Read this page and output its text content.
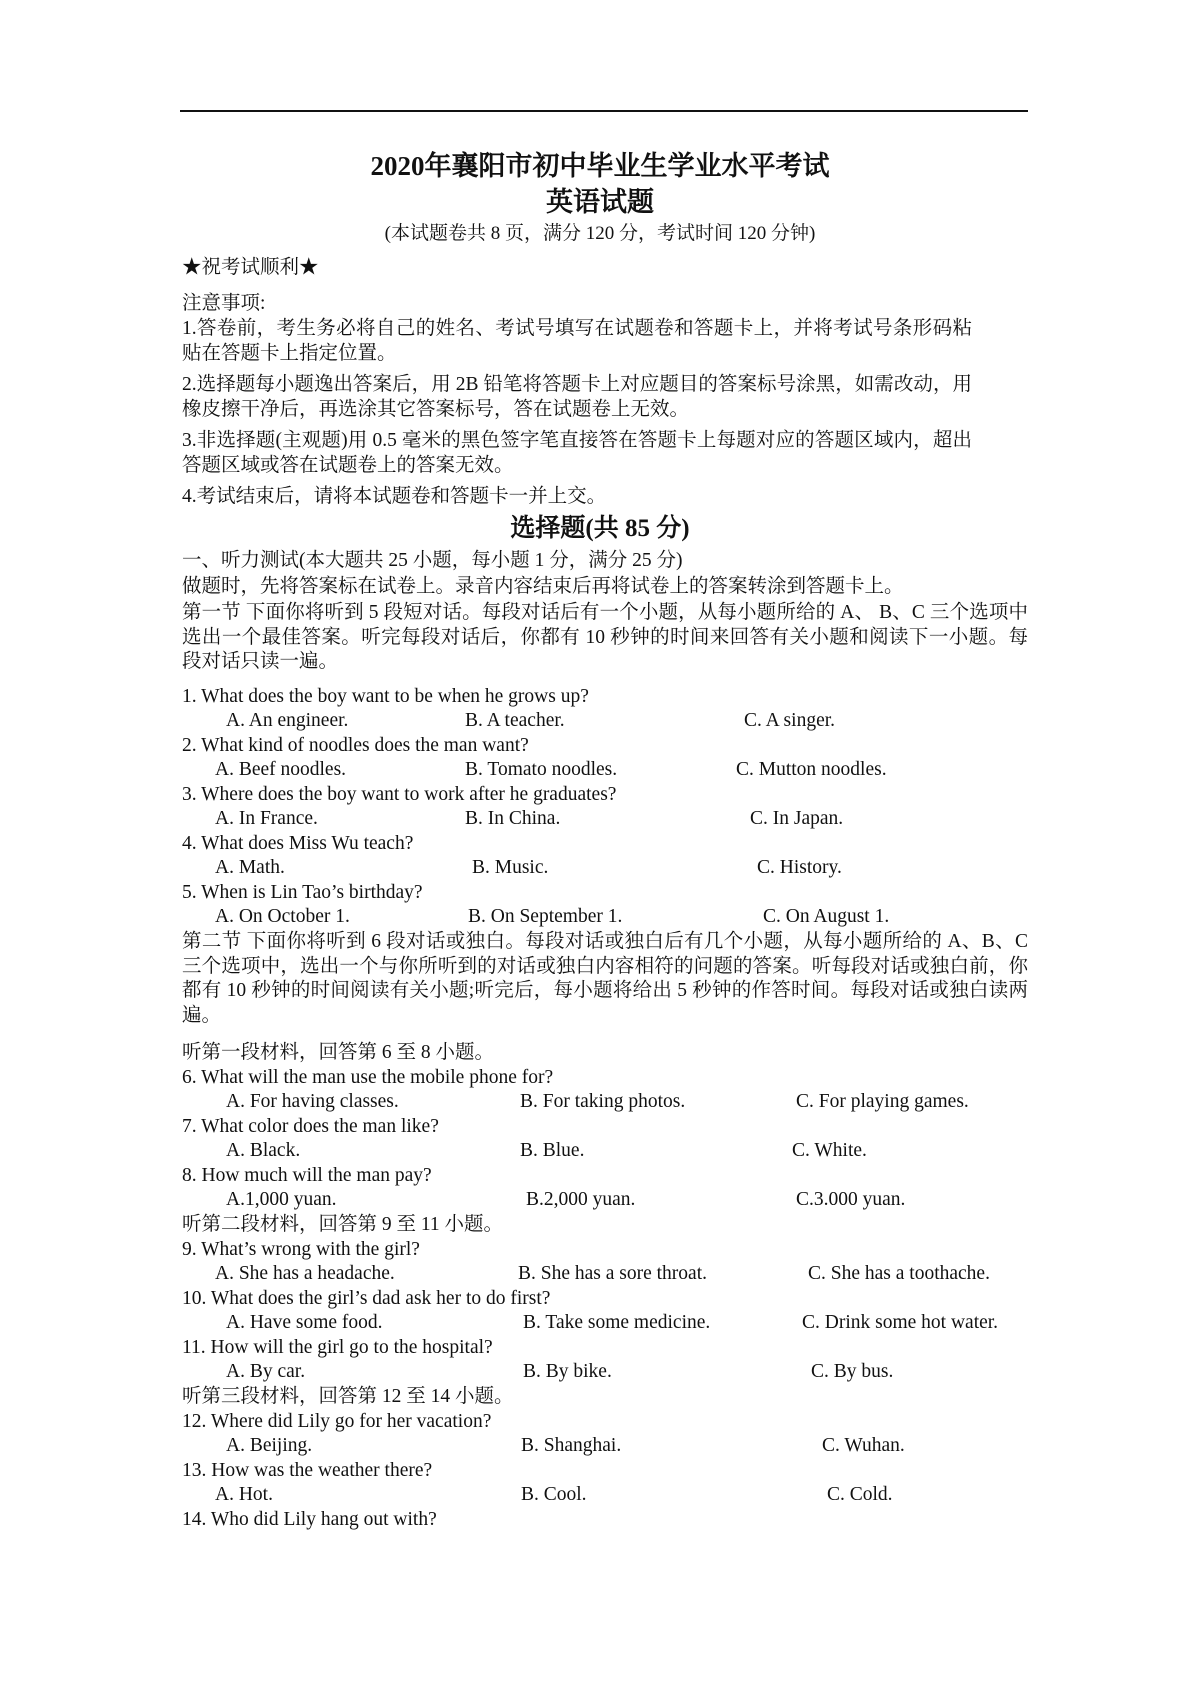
2020年襄阳市初中毕业生学业水平考试
英语试题
(本试题卷共 8 页，满分 120 分，考试时间 120 分钟)
★祝考试顺利★
注意事项:
1.答卷前，考生务必将自己的姓名、考试号填写在试题卷和答题卡上，并将考试号条形码粘贴在答题卡上指定位置。
2.选择题每小题逸出答案后，用 2B 铅笔将答题卡上对应题目的答案标号涂黑，如需改动，用橡皮擦干净后，再选涂其它答案标号，答在试题卷上无效。
3.非选择题(主观题)用 0.5 毫米的黑色签字笔直接答在答题卡上每题对应的答题区域内，超出答题区域或答在试题卷上的答案无效。
4.考试结束后，请将本试题卷和答题卡一并上交。
选择题(共 85 分)
一、听力测试(本大题共 25 小题，每小题 1 分，满分 25 分)
做题时，先将答案标在试卷上。录音内容结束后再将试卷上的答案转涂到答题卡上。
第一节 下面你将听到 5 段短对话。每段对话后有一个小题，从每小题所给的 A、 B、C 三个选项中选出一个最佳答案。听完每段对话后，你都有 10 秒钟的时间来回答有关小题和阅读下一小题。每段对话只读一遍。
1. What does the boy want to be when he grows up?
A. An engineer.	B. A teacher.	C. A singer.
2. What kind of noodles does the man want?
A. Beef noodles.	B. Tomato noodles.	C. Mutton noodles.
3. Where does the boy want to work after he graduates?
A. In France.	B. In China.	C. In Japan.
4. What does Miss Wu teach?
A. Math.	B. Music.	C. History.
5. When is Lin Tao’s birthday?
A. On October 1.	B. On September 1.	C. On August 1.
第二节 下面你将听到 6 段对话或独白。每段对话或独白后有几个小题，从每小题所给的 A、B、C 三个选项中，选出一个与你所听到的对话或独白内容相符的问题的答案。听每段对话或独白前，你都有 10 秒钟的时间阅读有关小题;听完后，每小题将给出 5 秒钟的作答时间。每段对话或独白读两遍。
听第一段材料，回答第 6 至 8 小题。
6. What will the man use the mobile phone for?
A. For having classes.	B. For taking photos.	C. For playing games.
7. What color does the man like?
A. Black.	B. Blue.	C. White.
8. How much will the man pay?
A.1,000 yuan.	B.2,000 yuan.	C.3.000 yuan.
听第二段材料，回答第 9 至 11 小题。
9. What’s wrong with the girl?
A. She has a headache.	B. She has a sore throat.	C. She has a toothache.
10. What does the girl’s dad ask her to do first?
A. Have some food.	B. Take some medicine.	C. Drink some hot water.
11. How will the girl go to the hospital?
A. By car.	B. By bike.	C. By bus.
听第三段材料，回答第 12 至 14 小题。
12. Where did Lily go for her vacation?
A. Beijing.	B. Shanghai.	C. Wuhan.
13. How was the weather there?
A. Hot.	B. Cool.	C. Cold.
14. Who did Lily hang out with?
